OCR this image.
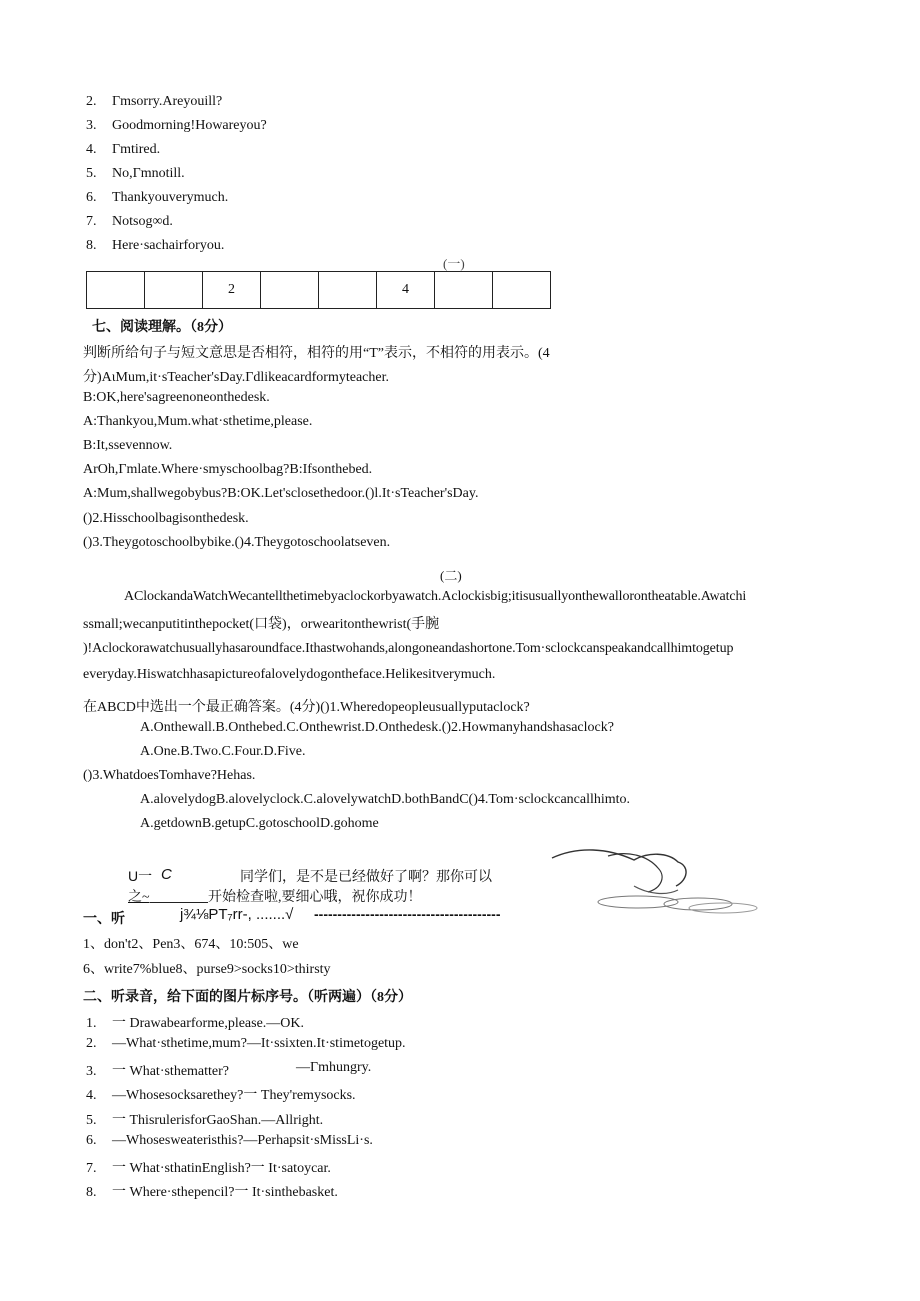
2. Гmsorry.Areyouill?
3. Goodmorning!Howareyou?
4. Гmtired.
5. No,Гmnotill.
6. Thankyouverymuch.
7. Notsog∞d.
8. Here·sachairforyou.
(一)
		2			4		
七、阅读理解。（8分）
判断所给句子与短文意思是否相符，相符的用“T”表示，不相符的用表示。(4
分)AιMum,it·sTeacher'sDay.Гdlikeacardformyteacher.
B:OK,here'sagreenoneonthedesk.
A:Thankyou,Mum.what·sthetime,please.
B:It,ssevennow.
ArOh,Гmlate.Where·smyschoolbag?B:Ifsonthebed.
A:Mum,shallwegobybus?B:OK.Let'sclosethedoor.()l.It·sTeacher'sDay.
()2.Hisschoolbagisonthedesk.
()3.Theygotoschoolbybike.()4.Theygotoschoolatseven.
(二)
AClockandaWatchWecantellthetimebyaclockorbyawatch.Aclockisbig;itisusuallyonthewallorontheatable.Awatchi
ssmall;wecanputitinthepocket(口袋)，orwearitonthewrist(手腕
)!Aclockorawatchusuallyhasaroundface.Ithastwohands,alongoneandashortone.Tom·sclockcanspeakandcallhimtogetup
everyday.Hiswatchhasapictureofalovelydogontheface.Helikesitverymuch.
在ABCD中选出一个最正确答案。(4分)()1.Wheredopeopleusuallyputaclock?
A.Onthewall.B.Onthebed.C.Onthewrist.D.Onthedesk.()2.Howmanyhandshasaclock?
A.One.B.Two.C.Four.D.Five.
()3.WhatdoesTomhave?Hehas.
A.alovelydogB.alovelyclock.C.alovelywatchD.bothBandC()4.Tom·sclockcancallhimto.
A.getdownB.getupC.gotoschoolD.gohome
U一 C	同学们，是不是已经做好了啊？那你可以
之~	开始检查啦,要细心哦，祝你成功！
一、听	j¾⅛PT₇rr-, .......√ ----------------------------------------
1、don't2、Pen3、674、10:505、we
6、write7%blue8、purse9>socks10>thirsty
二、听录音，给下面的图片标序号。（听两遍）（8分）
1. 一 Drawabearforme,please.—OK.
2. —What·sthetime,mum?—It·ssixten.It·stimetogetup.
3. 一 What·sthematter?	—Гmhungry.
4. —Whosesocksarethey?一 They'remysocks.
5. 一 ThisrulerisforGaoShan.—Allright.
6. —Whosesweateristhis?—Perhapsit·sMissLi·s.
7. 一 What·sthatinEnglish?一 It·satoycar.
8. 一 Where·sthepencil?一 It·sinthebasket.
